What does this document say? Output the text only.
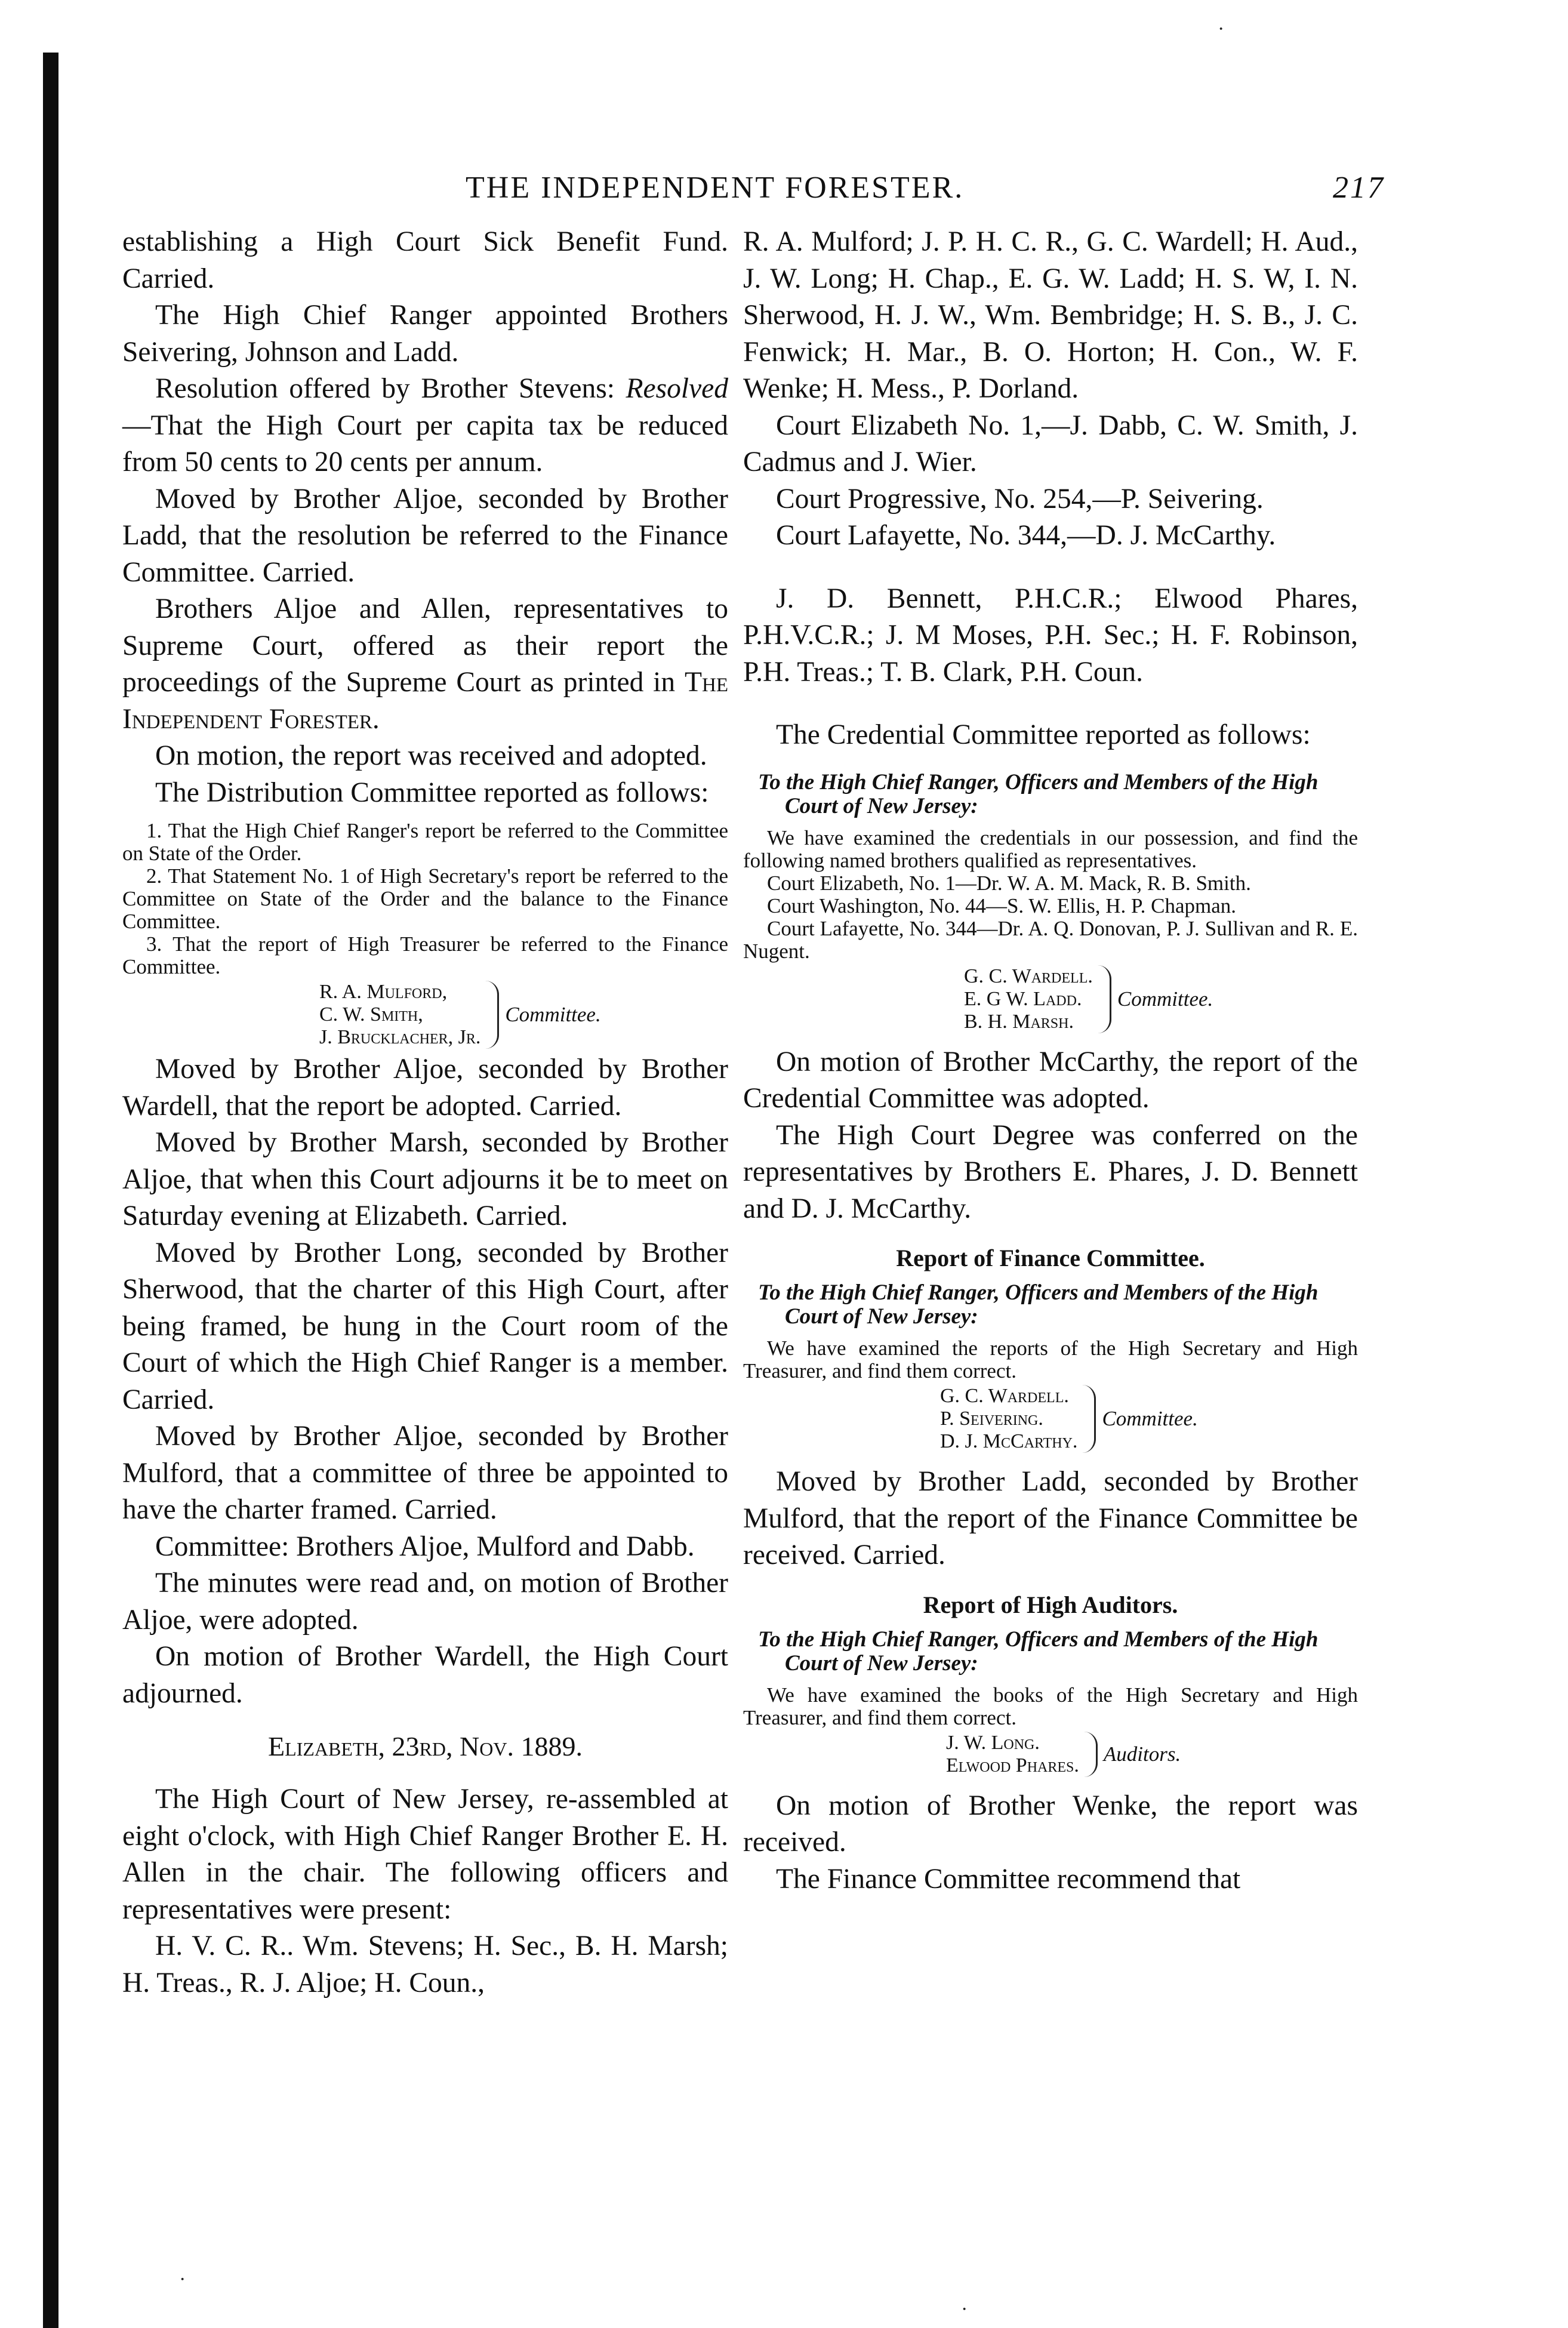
·
·
·
THE INDEPENDENT FORESTER.	217

establishing a High Court Sick Benefit Fund. Carried.

The High Chief Ranger appointed Brothers Seivering, Johnson and Ladd.

Resolution offered by Brother Stevens: Resolved—That the High Court per capita tax be reduced from 50 cents to 20 cents per annum.

Moved by Brother Aljoe, seconded by Brother Ladd, that the resolution be referred to the Finance Committee. Carried.

Brothers Aljoe and Allen, representatives to Supreme Court, offered as their report the proceedings of the Supreme Court as printed in The Independent Forester.

On motion, the report was received and adopted.

The Distribution Committee reported as follows:

1. That the High Chief Ranger's report be referred to the Committee on State of the Order.

2. That Statement No. 1 of High Secretary's report be referred to the Committee on State of the Order and the balance to the Finance Committee.

3. That the report of High Treasurer be referred to the Finance Committee.

R. A. Mulford,
C. W. Smith,
J. Brucklacher, Jr.
Committee.

Moved by Brother Aljoe, seconded by Brother Wardell, that the report be adopted. Carried.

Moved by Brother Marsh, seconded by Brother Aljoe, that when this Court adjourns it be to meet on Saturday evening at Elizabeth. Carried.

Moved by Brother Long, seconded by Brother Sherwood, that the charter of this High Court, after being framed, be hung in the Court room of the Court of which the High Chief Ranger is a member. Carried.

Moved by Brother Aljoe, seconded by Brother Mulford, that a committee of three be appointed to have the charter framed. Carried.

Committee: Brothers Aljoe, Mulford and Dabb.

The minutes were read and, on motion of Brother Aljoe, were adopted.

On motion of Brother Wardell, the High Court adjourned.

Elizabeth, 23rd, Nov. 1889.

The High Court of New Jersey, re-assembled at eight o'clock, with High Chief Ranger Brother E. H. Allen in the chair. The following officers and representatives were present:

H. V. C. R.. Wm. Stevens; H. Sec., B. H. Marsh; H. Treas., R. J. Aljoe; H. Coun.,

R. A. Mulford; J. P. H. C. R., G. C. Wardell; H. Aud., J. W. Long; H. Chap., E. G. W. Ladd; H. S. W, I. N. Sherwood, H. J. W., Wm. Bembridge; H. S. B., J. C. Fenwick; H. Mar., B. O. Horton; H. Con., W. F. Wenke; H. Mess., P. Dorland.

Court Elizabeth No. 1,—J. Dabb, C. W. Smith, J. Cadmus and J. Wier.

Court Progressive, No. 254,—P. Seivering.

Court Lafayette, No. 344,—D. J. McCarthy.

J. D. Bennett, P.H.C.R.; Elwood Phares, P.H.V.C.R.; J. M Moses, P.H. Sec.; H. F. Robinson, P.H. Treas.; T. B. Clark, P.H. Coun.

The Credential Committee reported as follows:

To the High Chief Ranger, Officers and Members of the High Court of New Jersey:

We have examined the credentials in our possession, and find the following named brothers qualified as representatives.

Court Elizabeth, No. 1—Dr. W. A. M. Mack, R. B. Smith.

Court Washington, No. 44—S. W. Ellis, H. P. Chapman.

Court Lafayette, No. 344—Dr. A. Q. Donovan, P. J. Sullivan and R. E. Nugent.

G. C. Wardell.
E. G W. Ladd.
B. H. Marsh.
Committee.

On motion of Brother McCarthy, the report of the Credential Committee was adopted.

The High Court Degree was conferred on the representatives by Brothers E. Phares, J. D. Bennett and D. J. McCarthy.

Report of Finance Committee.

To the High Chief Ranger, Officers and Members of the High Court of New Jersey:

We have examined the reports of the High Secretary and High Treasurer, and find them correct.

G. C. Wardell.
P. Seivering.
D. J. McCarthy.
Committee.

Moved by Brother Ladd, seconded by Brother Mulford, that the report of the Finance Committee be received. Carried.

Report of High Auditors.

To the High Chief Ranger, Officers and Members of the High Court of New Jersey:

We have examined the books of the High Secretary and High Treasurer, and find them correct.

J. W. Long.
Elwood Phares. Auditors.

On motion of Brother Wenke, the report was received.

The Finance Committee recommend that
